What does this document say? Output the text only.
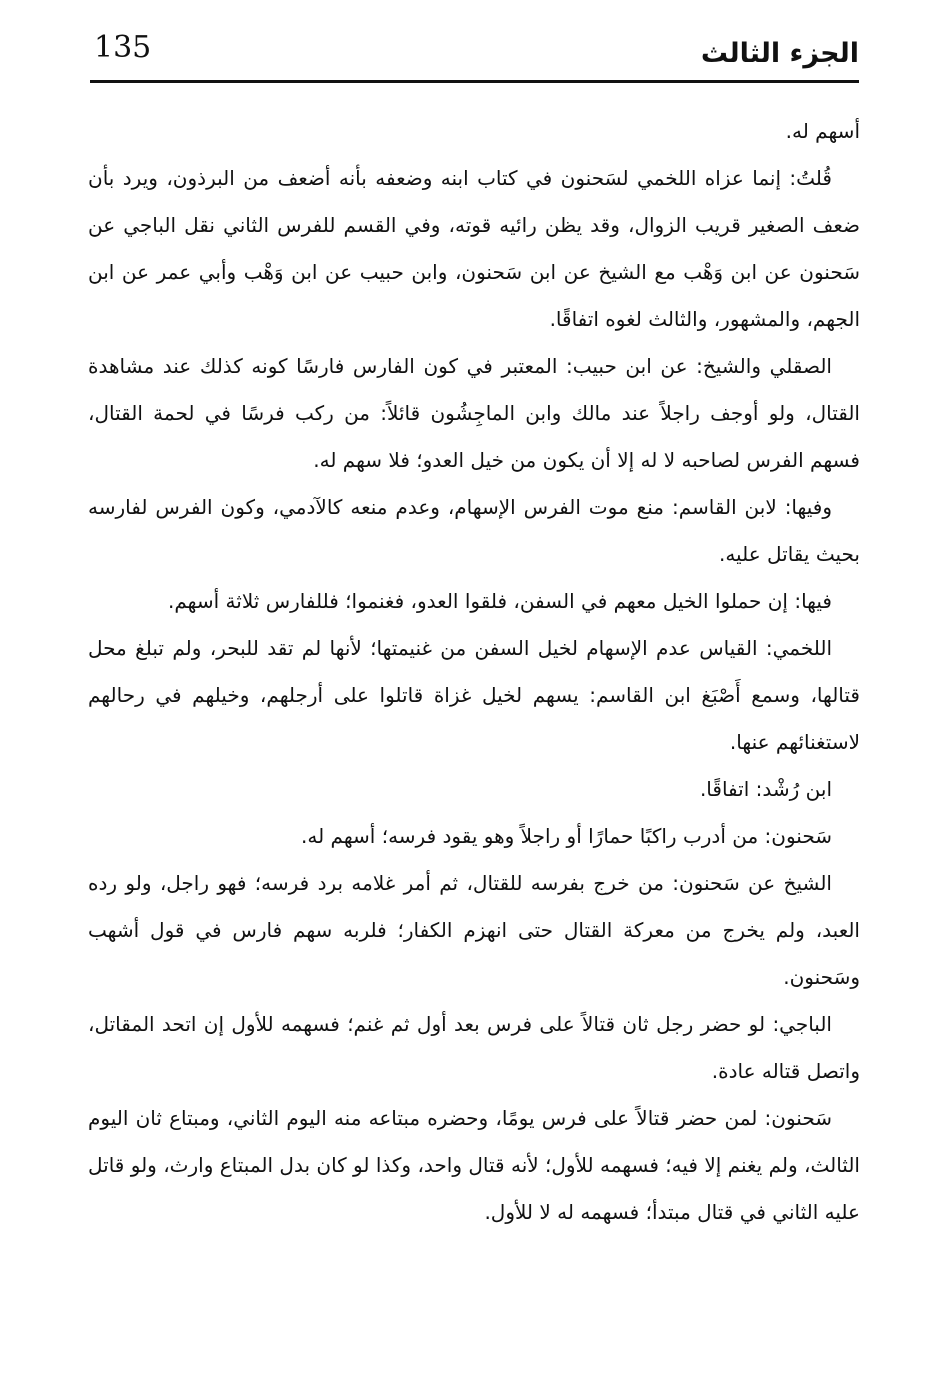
135	الجزء الثالث

أسهم له.

قُلتُ: إنما عزاه اللخمي لسَحنون في كتاب ابنه وضعفه بأنه أضعف من البرذون، ويرد بأن ضعف الصغير قريب الزوال، وقد يظن رائيه قوته، وفي القسم للفرس الثاني نقل الباجي عن سَحنون عن ابن وَهْب مع الشيخ عن ابن سَحنون، وابن حبيب عن ابن وَهْب وأبي عمر عن ابن الجهم، والمشهور، والثالث لغوه اتفاقًا.

الصقلي والشيخ: عن ابن حبيب: المعتبر في كون الفارس فارسًا كونه كذلك عند مشاهدة القتال، ولو أوجف راجلاً عند مالك وابن الماجِشُون قائلاً: من ركب فرسًا في لحمة القتال، فسهم الفرس لصاحبه لا له إلا أن يكون من خيل العدو؛ فلا سهم له.

وفيها: لابن القاسم: منع موت الفرس الإسهام، وعدم منعه كالآدمي، وكون الفرس لفارسه بحيث يقاتل عليه.

فيها: إن حملوا الخيل معهم في السفن، فلقوا العدو، فغنموا؛ فللفارس ثلاثة أسهم.

اللخمي: القياس عدم الإسهام لخيل السفن من غنيمتها؛ لأنها لم تقد للبحر، ولم تبلغ محل قتالها، وسمع أَصْبَغ ابن القاسم: يسهم لخيل غزاة قاتلوا على أرجلهم، وخيلهم في رحالهم لاستغنائهم عنها.

ابن رُشْد: اتفاقًا.

سَحنون: من أدرب راكبًا حمارًا أو راجلاً وهو يقود فرسه؛ أسهم له.

الشيخ عن سَحنون: من خرج بفرسه للقتال، ثم أمر غلامه برد فرسه؛ فهو راجل، ولو رده العبد، ولم يخرج من معركة القتال حتى انهزم الكفار؛ فلربه سهم فارس في قول أشهب وسَحنون.

الباجي: لو حضر رجل ثان قتالاً على فرس بعد أول ثم غنم؛ فسهمه للأول إن اتحد المقاتل، واتصل قتاله عادة.

سَحنون: لمن حضر قتالاً على فرس يومًا، وحضره مبتاعه منه اليوم الثاني، ومبتاع ثان اليوم الثالث، ولم يغنم إلا فيه؛ فسهمه للأول؛ لأنه قتال واحد، وكذا لو كان بدل المبتاع وارث، ولو قاتل عليه الثاني في قتال مبتدأ؛ فسهمه له لا للأول.
